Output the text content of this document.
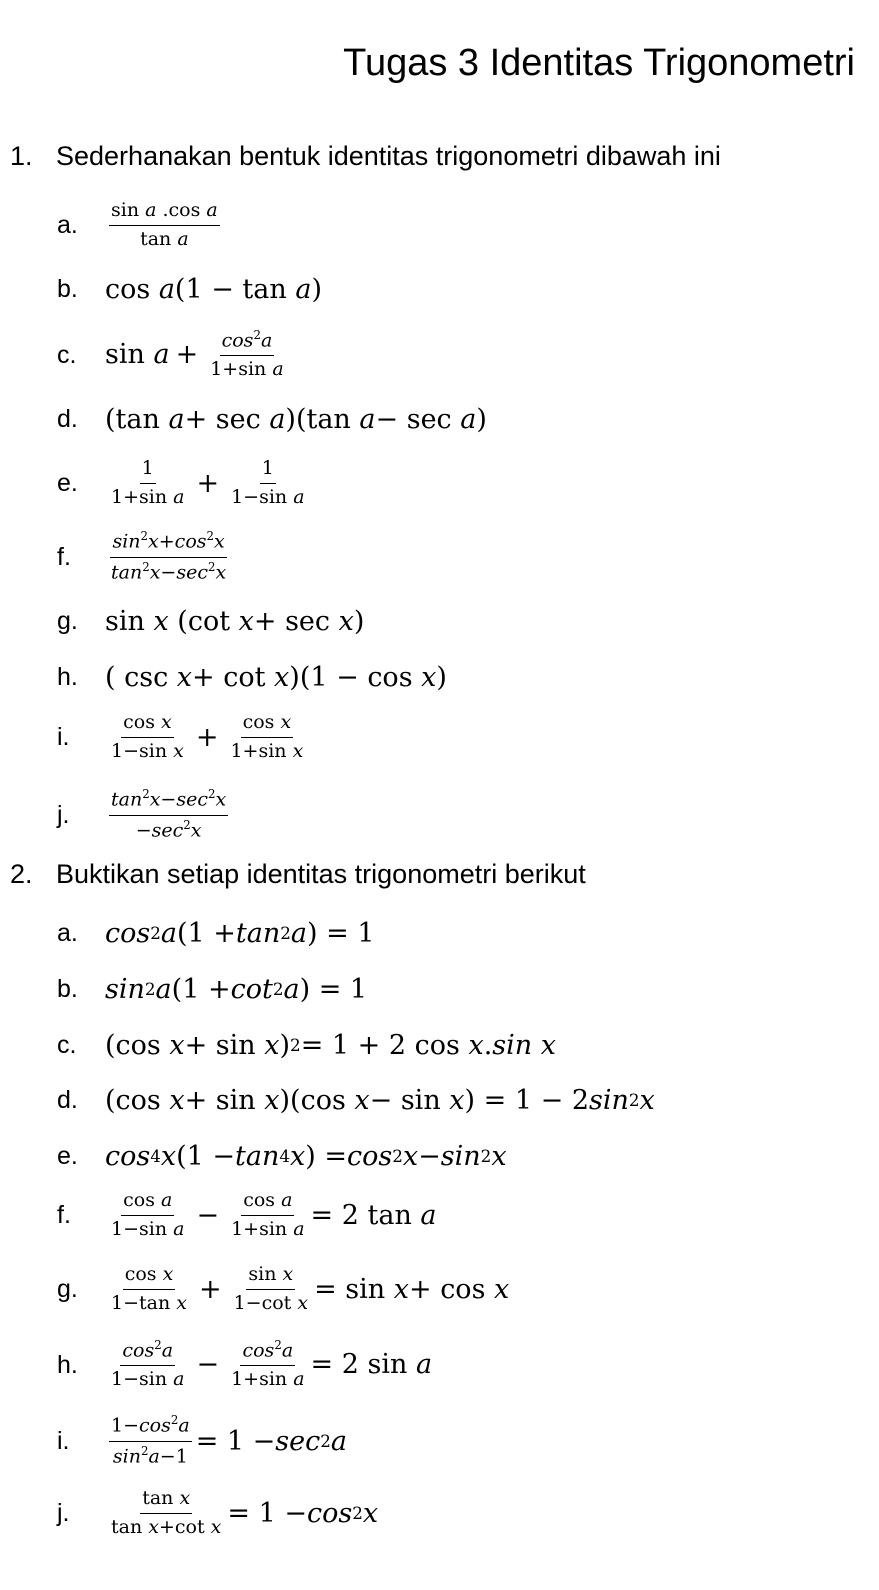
Tugas 3 Identitas Trigonometri
1. Sederhanakan bentuk identitas trigonometri dibawah ini
a.	$\frac{\text{sin a .cos a}}{\text{tan a}}$
b.	cos a (1 − tan a )
c.	$\sin a + \frac{\cos^2a}{\text{1+sin a}}$
d.	(tan a + sec a )(tan a − sec a )
e.	$\frac{1}{\text{1+sin a}} + \frac{1}{\text{1−sin a}}$
f.	$\frac{\sin^2x+\cos^2x}{\tan^2x-\sec^2x}$
g.	sin x (cot x + sec x )
h.	( csc x + cot x )(1 − cos x )
i.	$\frac{\text{cos x}}{\text{1−sin x}} + \frac{\text{cos x}}{\text{1+sin x}}$
j.	$\frac{\tan^2x-\sec^2x}{-\sec^2x}$
2. Buktikan setiap identitas trigonometri berikut
a.	cos 2 a (1 + tan 2 a ) = 1
b.	sin 2 a (1 + cot 2 a ) = 1
c.	(cos x + sin x ) 2 = 1 + 2 cos x . sin x
d.	(cos x + sin x )(cos x − sin x ) = 1 − 2 sin 2 x
e.	cos 4 x (1 − tan 4 x ) = cos 2 x − sin 2 x
f.	$\frac{\text{cos a}}{\text{1−sin a}} - \frac{\text{cos a}}{\text{1+sin a}} = 2$ tan a
g.	$\frac{\text{cos x}}{\text{1−tan x}} + \frac{\text{sin x}}{\text{1−cot x}} = \sin x + \cos x$
h.	$\frac{\cos^2a}{\text{1−sin a}} - \frac{\cos^2a}{\text{1+sin a}} = 2$ sin a
i.	$\frac{1-\cos^2a}{\sin^2a-1} = 1 - \sec 2$ a
j.	$\frac{\text{tan x}}{\text{tan x+cot x}} = 1 - \cos 2$ x
